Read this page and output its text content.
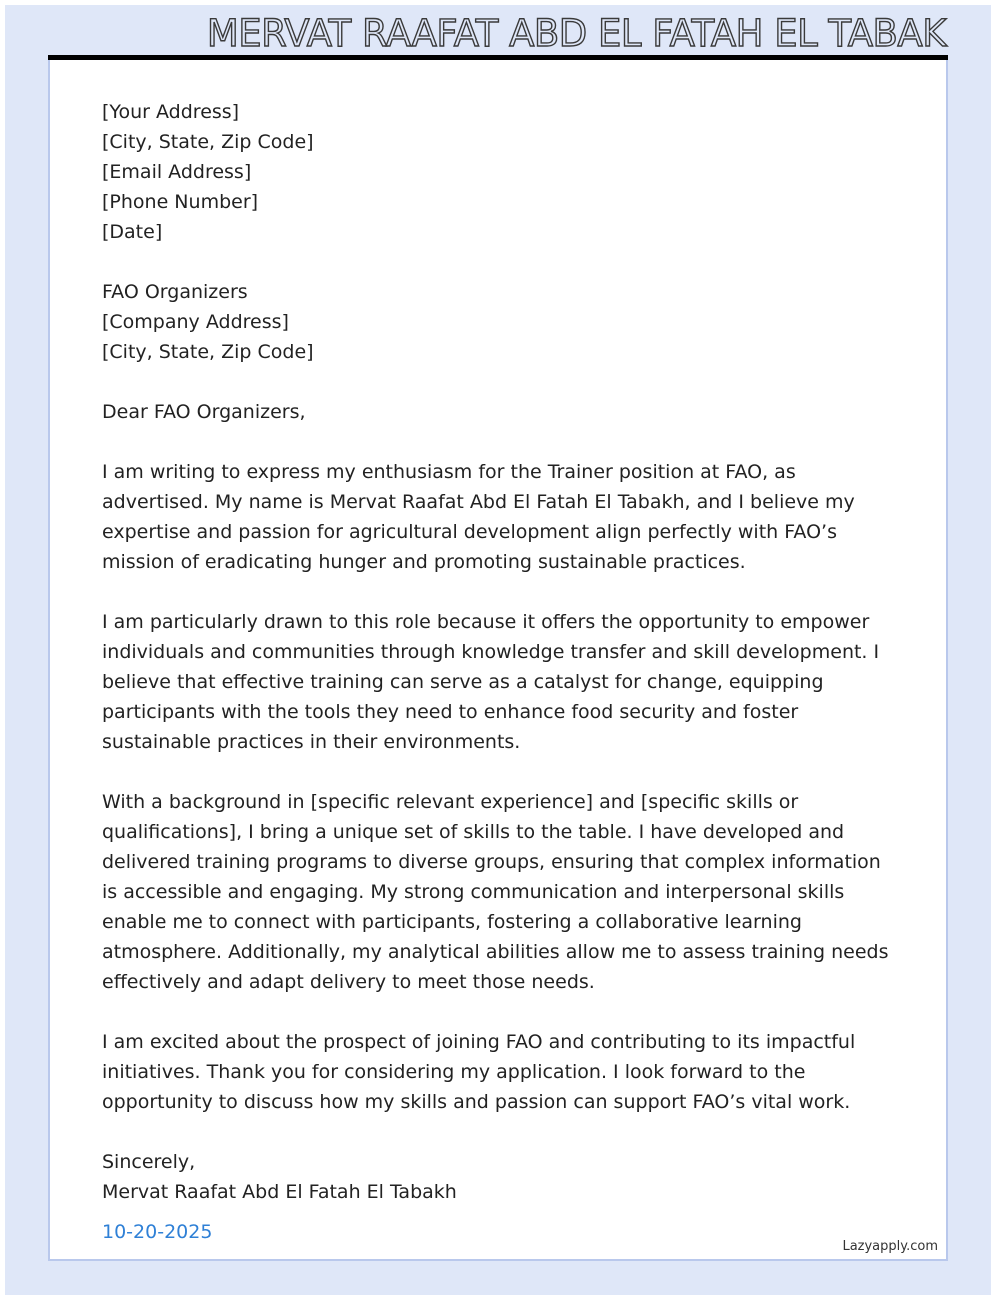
MERVAT RAAFAT ABD EL FATAH EL TABAK
[Your Address]
[City, State, Zip Code]
[Email Address]
[Phone Number]
[Date]
FAO Organizers
[Company Address]
[City, State, Zip Code]
Dear FAO Organizers,

I am writing to express my enthusiasm for the Trainer position at FAO, as advertised. My name is Mervat Raafat Abd El Fatah El Tabakh, and I believe my expertise and passion for agricultural development align perfectly with FAO’s mission of eradicating hunger and promoting sustainable practices.

I am particularly drawn to this role because it offers the opportunity to empower individuals and communities through knowledge transfer and skill development. I believe that effective training can serve as a catalyst for change, equipping participants with the tools they need to enhance food security and foster sustainable practices in their environments.

With a background in [specific relevant experience] and [specific skills or qualifications], I bring a unique set of skills to the table. I have developed and delivered training programs to diverse groups, ensuring that complex information is accessible and engaging. My strong communication and interpersonal skills enable me to connect with participants, fostering a collaborative learning atmosphere. Additionally, my analytical abilities allow me to assess training needs effectively and adapt delivery to meet those needs.

I am excited about the prospect of joining FAO and contributing to its impactful initiatives. Thank you for considering my application. I look forward to the opportunity to discuss how my skills and passion can support FAO’s vital work.

Sincerely,
Mervat Raafat Abd El Fatah El Tabakh
10-20-2025
Lazyapply.com
